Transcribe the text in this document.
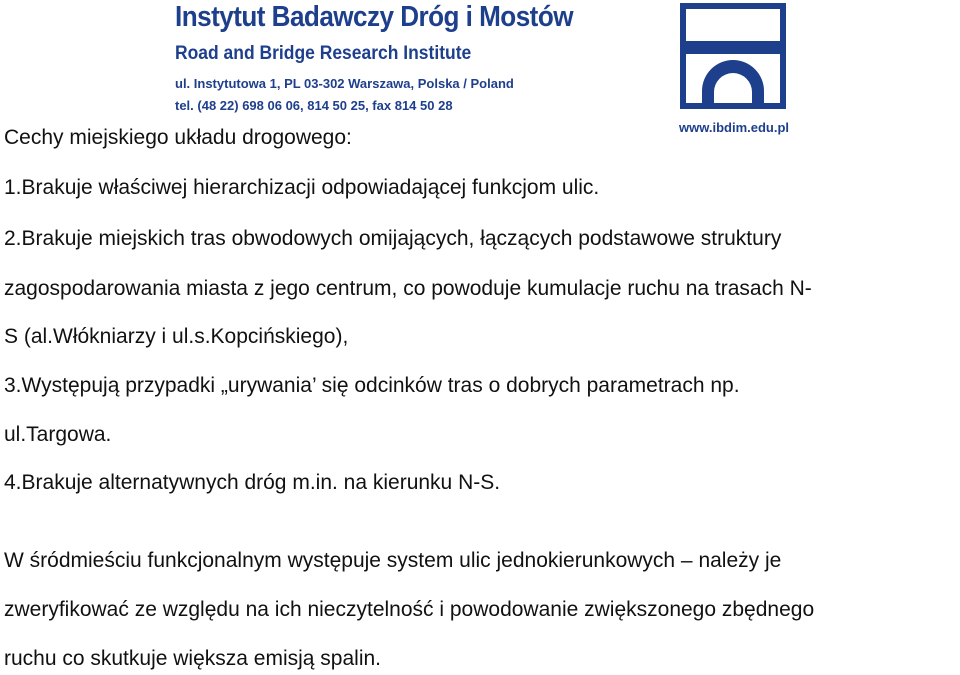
Instytut Badawczy Dróg i Mostów
Road and Bridge Research Institute
ul. Instytutowa 1, PL 03-302 Warszawa, Polska / Poland
tel. (48 22) 698 06 06, 814 50 25, fax 814 50 28
www.ibdim.edu.pl
Cechy miejskiego układu drogowego:
1.Brakuje właściwej hierarchizacji odpowiadającej funkcjom ulic.
2.Brakuje miejskich tras obwodowych omijających, łączących podstawowe struktury
zagospodarowania miasta z jego centrum, co powoduje kumulacje ruchu na trasach N-
S (al.Włókniarzy i ul.s.Kopcińskiego),
3.Występują przypadki „urywania’ się odcinków tras o dobrych parametrach np.
ul.Targowa.
4.Brakuje alternatywnych dróg m.in. na kierunku N-S.
W śródmieściu funkcjonalnym występuje system ulic jednokierunkowych – należy je
zweryfikować ze względu na ich nieczytelność i powodowanie zwiększonego zbędnego
ruchu co skutkuje większa emisją spalin.
